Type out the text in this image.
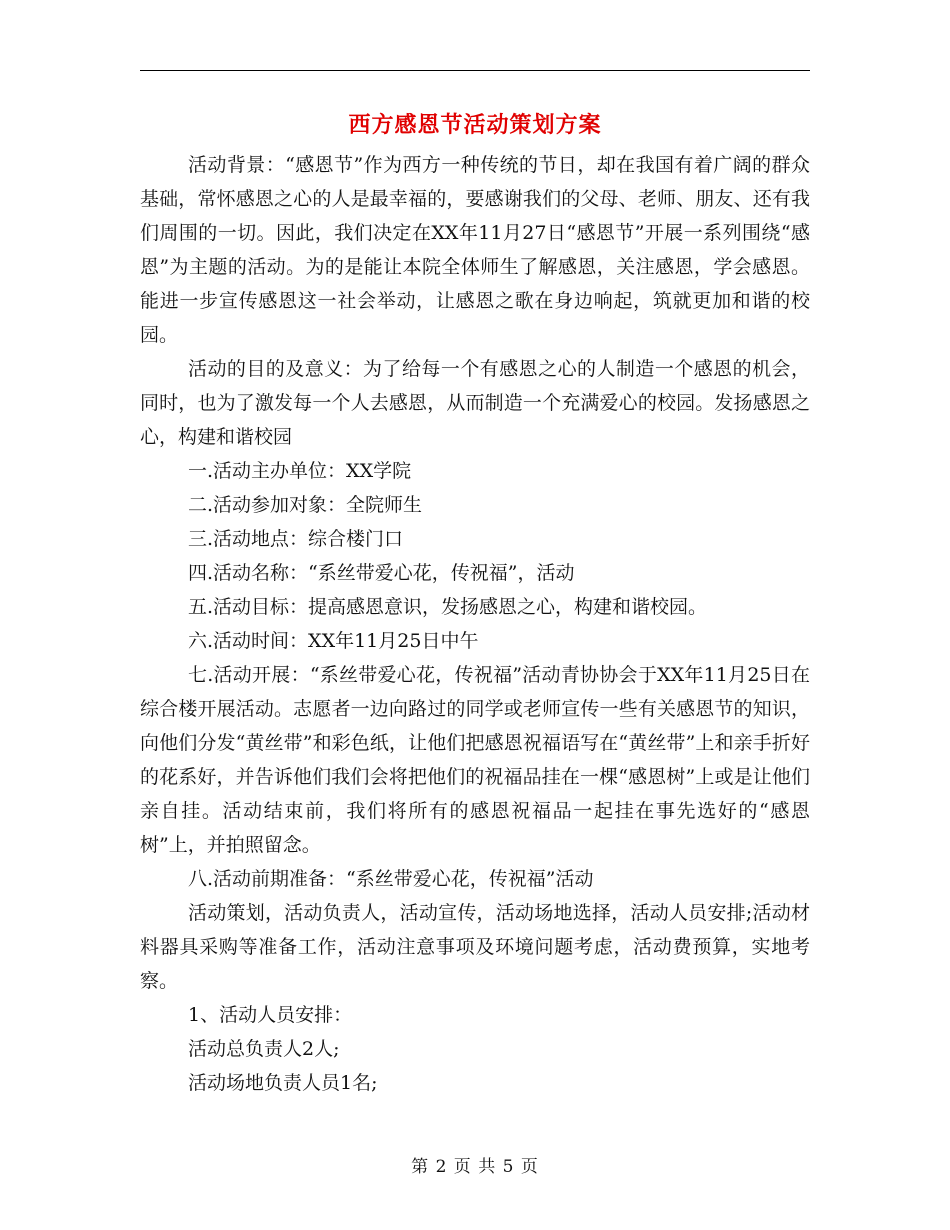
西方感恩节活动策划方案

活动背景：“感恩节”作为西方一种传统的节日，却在我国有着广阔的群众基础，常怀感恩之心的人是最幸福的，要感谢我们的父母、老师、朋友、还有我们周围的一切。因此，我们决定在XX年11月27日“感恩节”开展一系列围绕“感恩”为主题的活动。为的是能让本院全体师生了解感恩，关注感恩，学会感恩。能进一步宣传感恩这一社会举动，让感恩之歌在身边响起，筑就更加和谐的校园。

活动的目的及意义：为了给每一个有感恩之心的人制造一个感恩的机会，同时，也为了激发每一个人去感恩，从而制造一个充满爱心的校园。发扬感恩之心，构建和谐校园

一.活动主办单位：XX学院

二.活动参加对象：全院师生

三.活动地点：综合楼门口

四.活动名称：“系丝带爱心花，传祝福”，活动

五.活动目标：提高感恩意识，发扬感恩之心，构建和谐校园。

六.活动时间：XX年11月25日中午

七.活动开展：“系丝带爱心花，传祝福”活动青协协会于XX年11月25日在综合楼开展活动。志愿者一边向路过的同学或老师宣传一些有关感恩节的知识，向他们分发“黄丝带”和彩色纸，让他们把感恩祝福语写在“黄丝带”上和亲手折好的花系好，并告诉他们我们会将把他们的祝福品挂在一棵“感恩树”上或是让他们亲自挂。活动结束前，我们将所有的感恩祝福品一起挂在事先选好的“感恩树”上，并拍照留念。

八.活动前期准备：“系丝带爱心花，传祝福”活动

活动策划，活动负责人，活动宣传，活动场地选择，活动人员安排;活动材料器具采购等准备工作，活动注意事项及环境问题考虑，活动费预算，实地考察。

1、活动人员安排：

活动总负责人2人;

活动场地负责人员1名;

第 2 页 共 5 页
